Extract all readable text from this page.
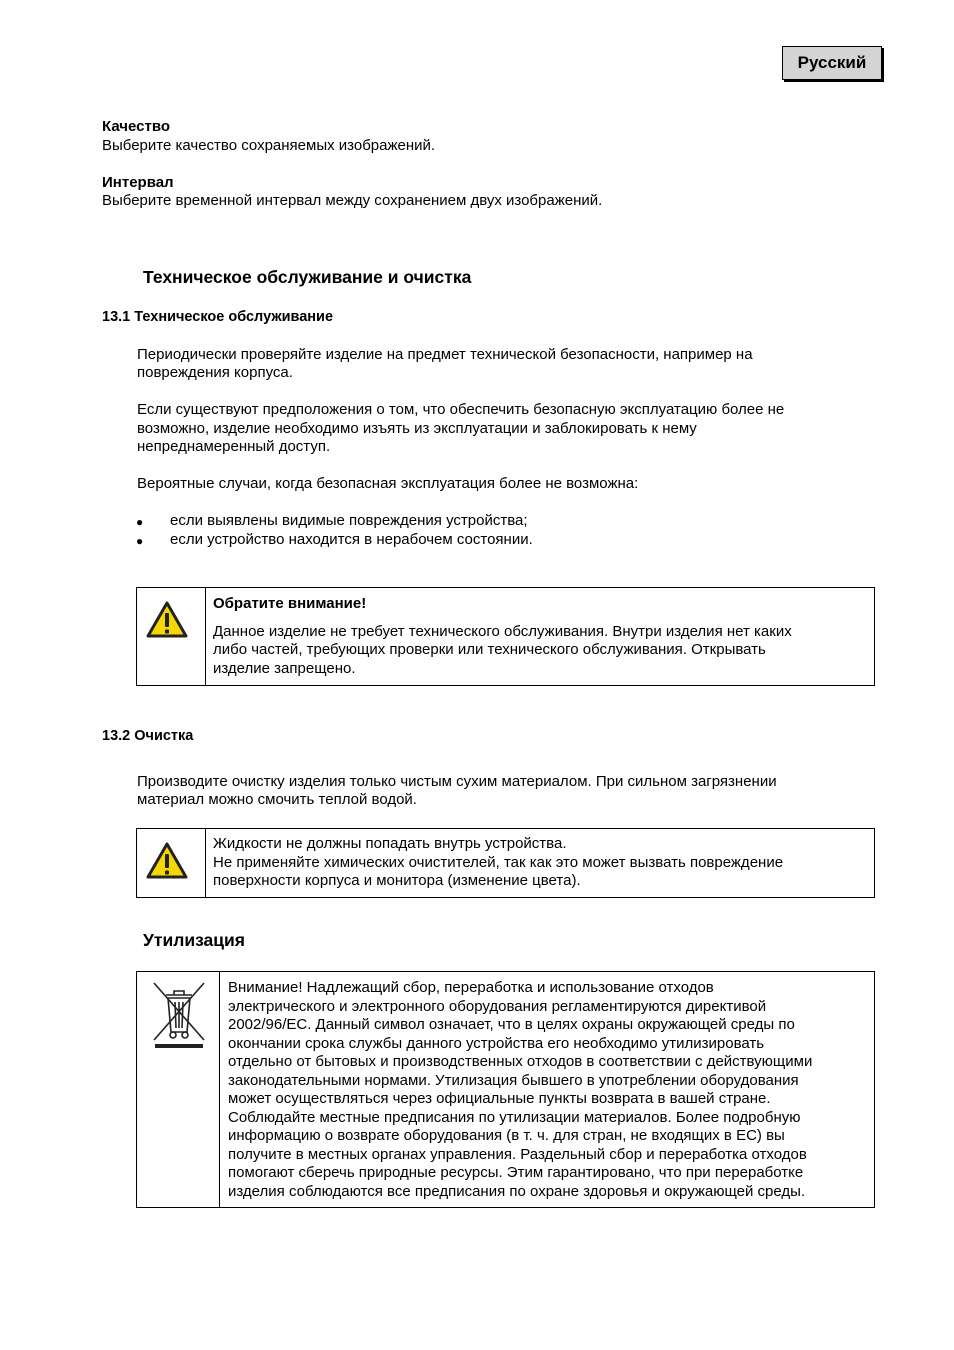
Русский
Качество
Выберите качество сохраняемых изображений.
Интервал
Выберите временной интервал между сохранением двух изображений.
Техническое обслуживание и очистка
13.1 Техническое обслуживание
Периодически проверяйте изделие на предмет технической безопасности, например на
повреждения корпуса.
Если существуют предположения о том, что обеспечить безопасную эксплуатацию более не
возможно, изделие необходимо изъять из эксплуатации и заблокировать к нему
непреднамеренный доступ.
Вероятные случаи, когда безопасная эксплуатация более не возможна:
● если выявлены видимые повреждения устройства;
● если устройство находится в нерабочем состоянии.
Обратите внимание!
Данное изделие не требует технического обслуживания. Внутри изделия нет каких
либо частей, требующих проверки или технического обслуживания. Открывать
изделие запрещено.
13.2 Очистка
Производите очистку изделия только чистым сухим материалом. При сильном загрязнении
материал можно смочить теплой водой.
Жидкости не должны попадать внутрь устройства.
Не применяйте химических очистителей, так как это может вызвать повреждение
поверхности корпуса и монитора (изменение цвета).
Утилизация
Внимание! Надлежащий сбор, переработка и использование отходов
электрического и электронного оборудования регламентируются директивой
2002/96/ЕС. Данный символ означает, что в целях охраны окружающей среды по
окончании срока службы данного устройства его необходимо утилизировать
отдельно от бытовых и производственных отходов в соответствии с действующими
законодательными нормами. Утилизация бывшего в употреблении оборудования
может осуществляться через официальные пункты возврата в вашей стране.
Соблюдайте местные предписания по утилизации материалов. Более подробную
информацию о возврате оборудования (в т. ч. для стран, не входящих в ЕС) вы
получите в местных органах управления. Раздельный сбор и переработка отходов
помогают сберечь природные ресурсы. Этим гарантировано, что при переработке
изделия соблюдаются все предписания по охране здоровья и окружающей среды.
